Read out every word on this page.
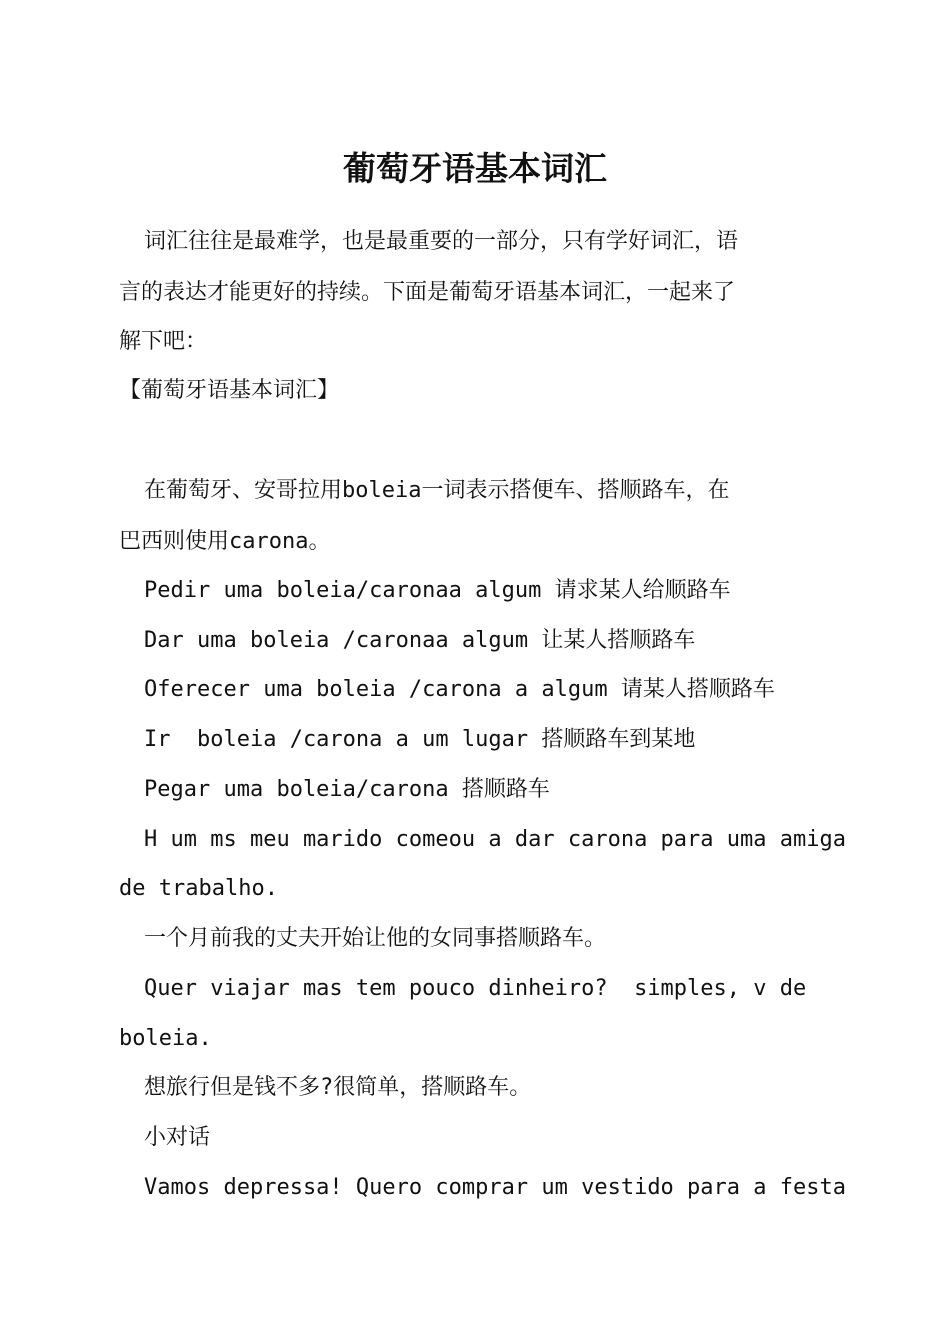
葡萄牙语基本词汇

词汇往往是最难学，也是最重要的一部分，只有学好词汇，语

言的表达才能更好的持续。下面是葡萄牙语基本词汇，一起来了

解下吧：

【葡萄牙语基本词汇】

在葡萄牙、安哥拉用boleia一词表示搭便车、搭顺路车，在

巴西则使用carona。

Pedir uma boleia/caronaa algum 请求某人给顺路车

Dar uma boleia /caronaa algum 让某人搭顺路车

Oferecer uma boleia /carona a algum 请某人搭顺路车

Ir  boleia /carona a um lugar 搭顺路车到某地

Pegar uma boleia/carona 搭顺路车

H um ms meu marido comeou a dar carona para uma amiga

de trabalho.

一个月前我的丈夫开始让他的女同事搭顺路车。

Quer viajar mas tem pouco dinheiro?  simples, v de

boleia.

想旅行但是钱不多?很简单，搭顺路车。

小对话

Vamos depressa! Quero comprar um vestido para a festa
